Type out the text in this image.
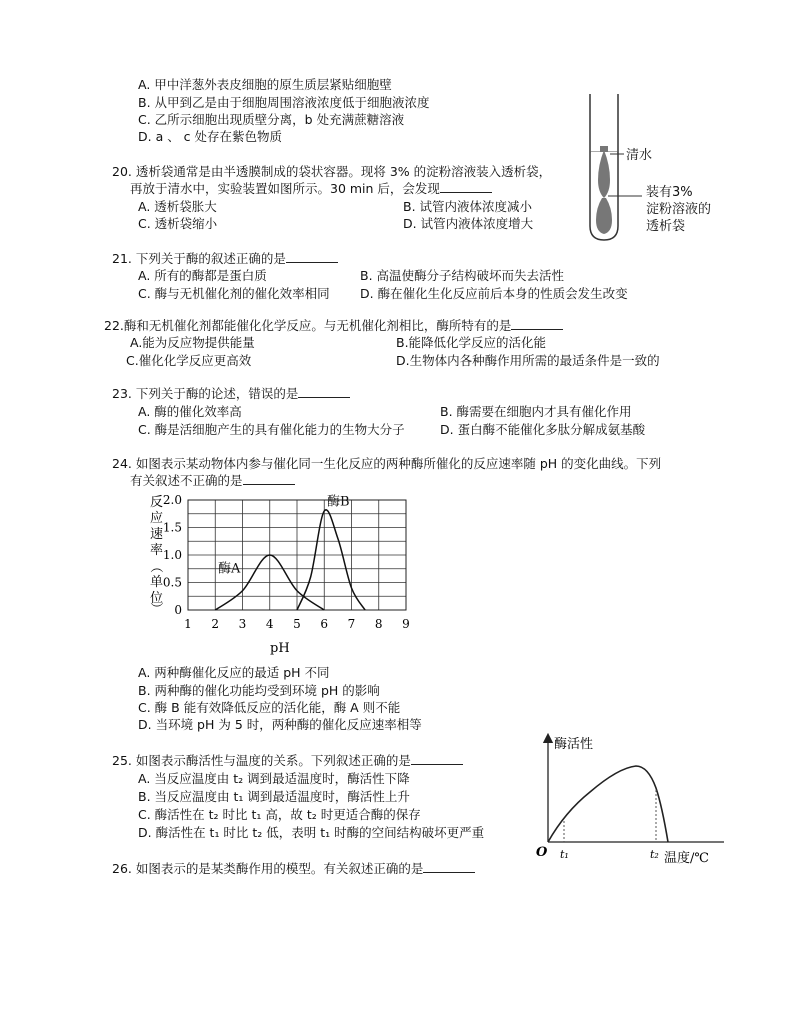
A. 甲中洋葱外表皮细胞的原生质层紧贴细胞壁
B. 从甲到乙是由于细胞周围溶液浓度低于细胞液浓度
C. 乙所示细胞出现质壁分离，b 处充满蔗糖溶液
D. a 、 c 处存在紫色物质
20. 透析袋通常是由半透膜制成的袋状容器。现将 3% 的淀粉溶液装入透析袋，
再放于清水中，实验装置如图所示。30 min 后，会发现
A. 透析袋胀大	B. 试管内液体浓度减小
C. 透析袋缩小	D. 试管内液体浓度增大
清水
装有3%
淀粉溶液的
透析袋
21. 下列关于酶的叙述正确的是
A. 所有的酶都是蛋白质	B. 高温使酶分子结构破坏而失去活性
C. 酶与无机催化剂的催化效率相同 D. 酶在催化生化反应前后本身的性质会发生改变
22.酶和无机催化剂都能催化化学反应。与无机催化剂相比，酶所特有的是
A.能为反应物提供能量	B.能降低化学反应的活化能
C.催化化学反应更高效	D.生物体内各种酶作用所需的最适条件是一致的
23. 下列关于酶的论述，错误的是
A. 酶的催化效率高	B. 酶需要在细胞内才具有催化作用
C. 酶是活细胞产生的具有催化能力的生物大分子	D. 蛋白酶不能催化多肽分解成氨基酸
24. 如图表示某动物体内参与催化同一生化反应的两种酶所催化的反应速率随 pH 的变化曲线。下列
有关叙述不正确的是
0
0.5
1.0
1.5
2.0
1 2 3 4 5 6 7 8 9
酶A
酶B
反
应
速
率
（
单
位
）
pH
A. 两种酶催化反应的最适 pH 不同
B. 两种酶的催化功能均受到环境 pH 的影响
C. 酶 B 能有效降低反应的活化能，酶 A 则不能
D. 当环境 pH 为 5 时，两种酶的催化反应速率相等
25. 如图表示酶活性与温度的关系。下列叙述正确的是
A. 当反应温度由 t₂ 调到最适温度时，酶活性下降
B. 当反应温度由 t₁ 调到最适温度时，酶活性上升
C. 酶活性在 t₂ 时比 t₁ 高，故 t₂ 时更适合酶的保存
D. 酶活性在 t₁ 时比 t₂ 低，表明 t₁ 时酶的空间结构破坏更严重
酶活性
O t₁	t₂ 温度/℃
26. 如图表示的是某类酶作用的模型。有关叙述正确的是
